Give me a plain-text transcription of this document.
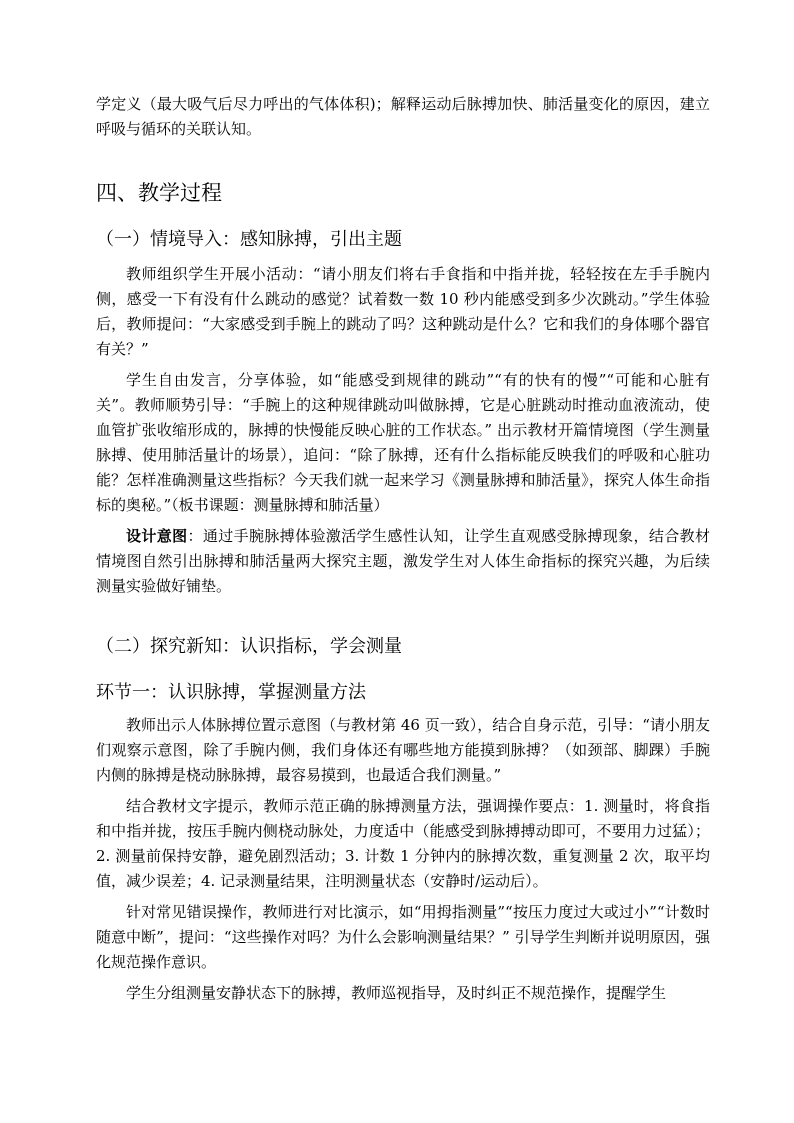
学定义（最大吸气后尽力呼出的气体体积)；解释运动后脉搏加快、肺活量变化的原因，建立呼吸与循环的关联认知。

四、教学过程
（一）情境导入：感知脉搏，引出主题

教师组织学生开展小活动：“请小朋友们将右手食指和中指并拢，轻轻按在左手手腕内侧，感受一下有没有什么跳动的感觉？试着数一数 10 秒内能感受到多少次跳动。”学生体验后，教师提问：“大家感受到手腕上的跳动了吗？这种跳动是什么？它和我们的身体哪个器官有关？”

学生自由发言，分享体验，如“能感受到规律的跳动”“有的快有的慢”“可能和心脏有关”。教师顺势引导：“手腕上的这种规律跳动叫做脉搏，它是心脏跳动时推动血液流动，使血管扩张收缩形成的，脉搏的快慢能反映心脏的工作状态。” 出示教材开篇情境图（学生测量脉搏、使用肺活量计的场景），追问：“除了脉搏，还有什么指标能反映我们的呼吸和心脏功能？怎样准确测量这些指标？今天我们就一起来学习《测量脉搏和肺活量》，探究人体生命指标的奥秘。”（板书课题：测量脉搏和肺活量）

设计意图：通过手腕脉搏体验激活学生感性认知，让学生直观感受脉搏现象，结合教材情境图自然引出脉搏和肺活量两大探究主题，激发学生对人体生命指标的探究兴趣，为后续测量实验做好铺垫。

（二）探究新知：认识指标，学会测量
环节一：认识脉搏，掌握测量方法

教师出示人体脉搏位置示意图（与教材第 46 页一致），结合自身示范，引导：“请小朋友们观察示意图，除了手腕内侧，我们身体还有哪些地方能摸到脉搏？（如颈部、脚踝）手腕内侧的脉搏是桡动脉脉搏，最容易摸到，也最适合我们测量。”

结合教材文字提示，教师示范正确的脉搏测量方法，强调操作要点：1. 测量时，将食指和中指并拢，按压手腕内侧桡动脉处，力度适中（能感受到脉搏搏动即可，不要用力过猛）；2. 测量前保持安静，避免剧烈活动；3. 计数 1 分钟内的脉搏次数，重复测量 2 次，取平均值，减少误差；4. 记录测量结果，注明测量状态（安静时/运动后）。

针对常见错误操作，教师进行对比演示，如“用拇指测量”“按压力度过大或过小”“计数时随意中断”，提问：“这些操作对吗？为什么会影响测量结果？” 引导学生判断并说明原因，强化规范操作意识。

学生分组测量安静状态下的脉搏，教师巡视指导，及时纠正不规范操作，提醒学生
